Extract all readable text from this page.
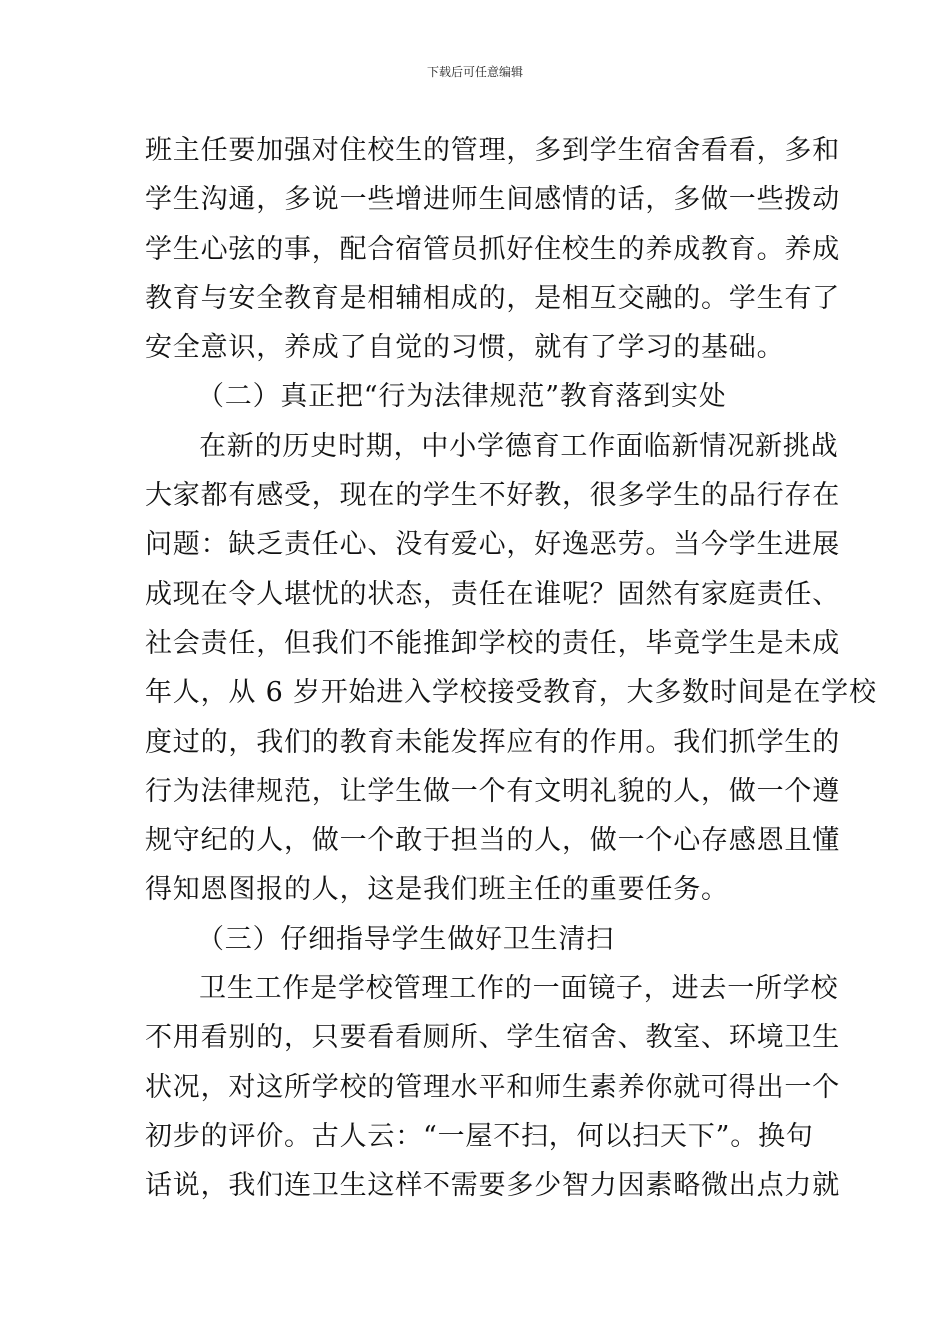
下载后可任意编辑
班主任要加强对住校生的管理，多到学生宿舍看看，多和
学生沟通，多说一些增进师生间感情的话，多做一些拨动
学生心弦的事，配合宿管员抓好住校生的养成教育。养成
教育与安全教育是相辅相成的，是相互交融的。学生有了
安全意识，养成了自觉的习惯，就有了学习的基础。
（二）真正把“行为法律规范”教育落到实处
在新的历史时期，中小学德育工作面临新情况新挑战
大家都有感受，现在的学生不好教，很多学生的品行存在
问题：缺乏责任心、没有爱心，好逸恶劳。当今学生进展
成现在令人堪忧的状态，责任在谁呢？固然有家庭责任、
社会责任，但我们不能推卸学校的责任，毕竟学生是未成
年人，从 6 岁开始进入学校接受教育，大多数时间是在学校
度过的，我们的教育未能发挥应有的作用。我们抓学生的
行为法律规范，让学生做一个有文明礼貌的人，做一个遵
规守纪的人，做一个敢于担当的人，做一个心存感恩且懂
得知恩图报的人，这是我们班主任的重要任务。
（三）仔细指导学生做好卫生清扫
卫生工作是学校管理工作的一面镜子，进去一所学校
不用看别的，只要看看厕所、学生宿舍、教室、环境卫生
状况，对这所学校的管理水平和师生素养你就可得出一个
初步的评价。古人云：“一屋不扫，何以扫天下”。换句
话说，我们连卫生这样不需要多少智力因素略微出点力就
